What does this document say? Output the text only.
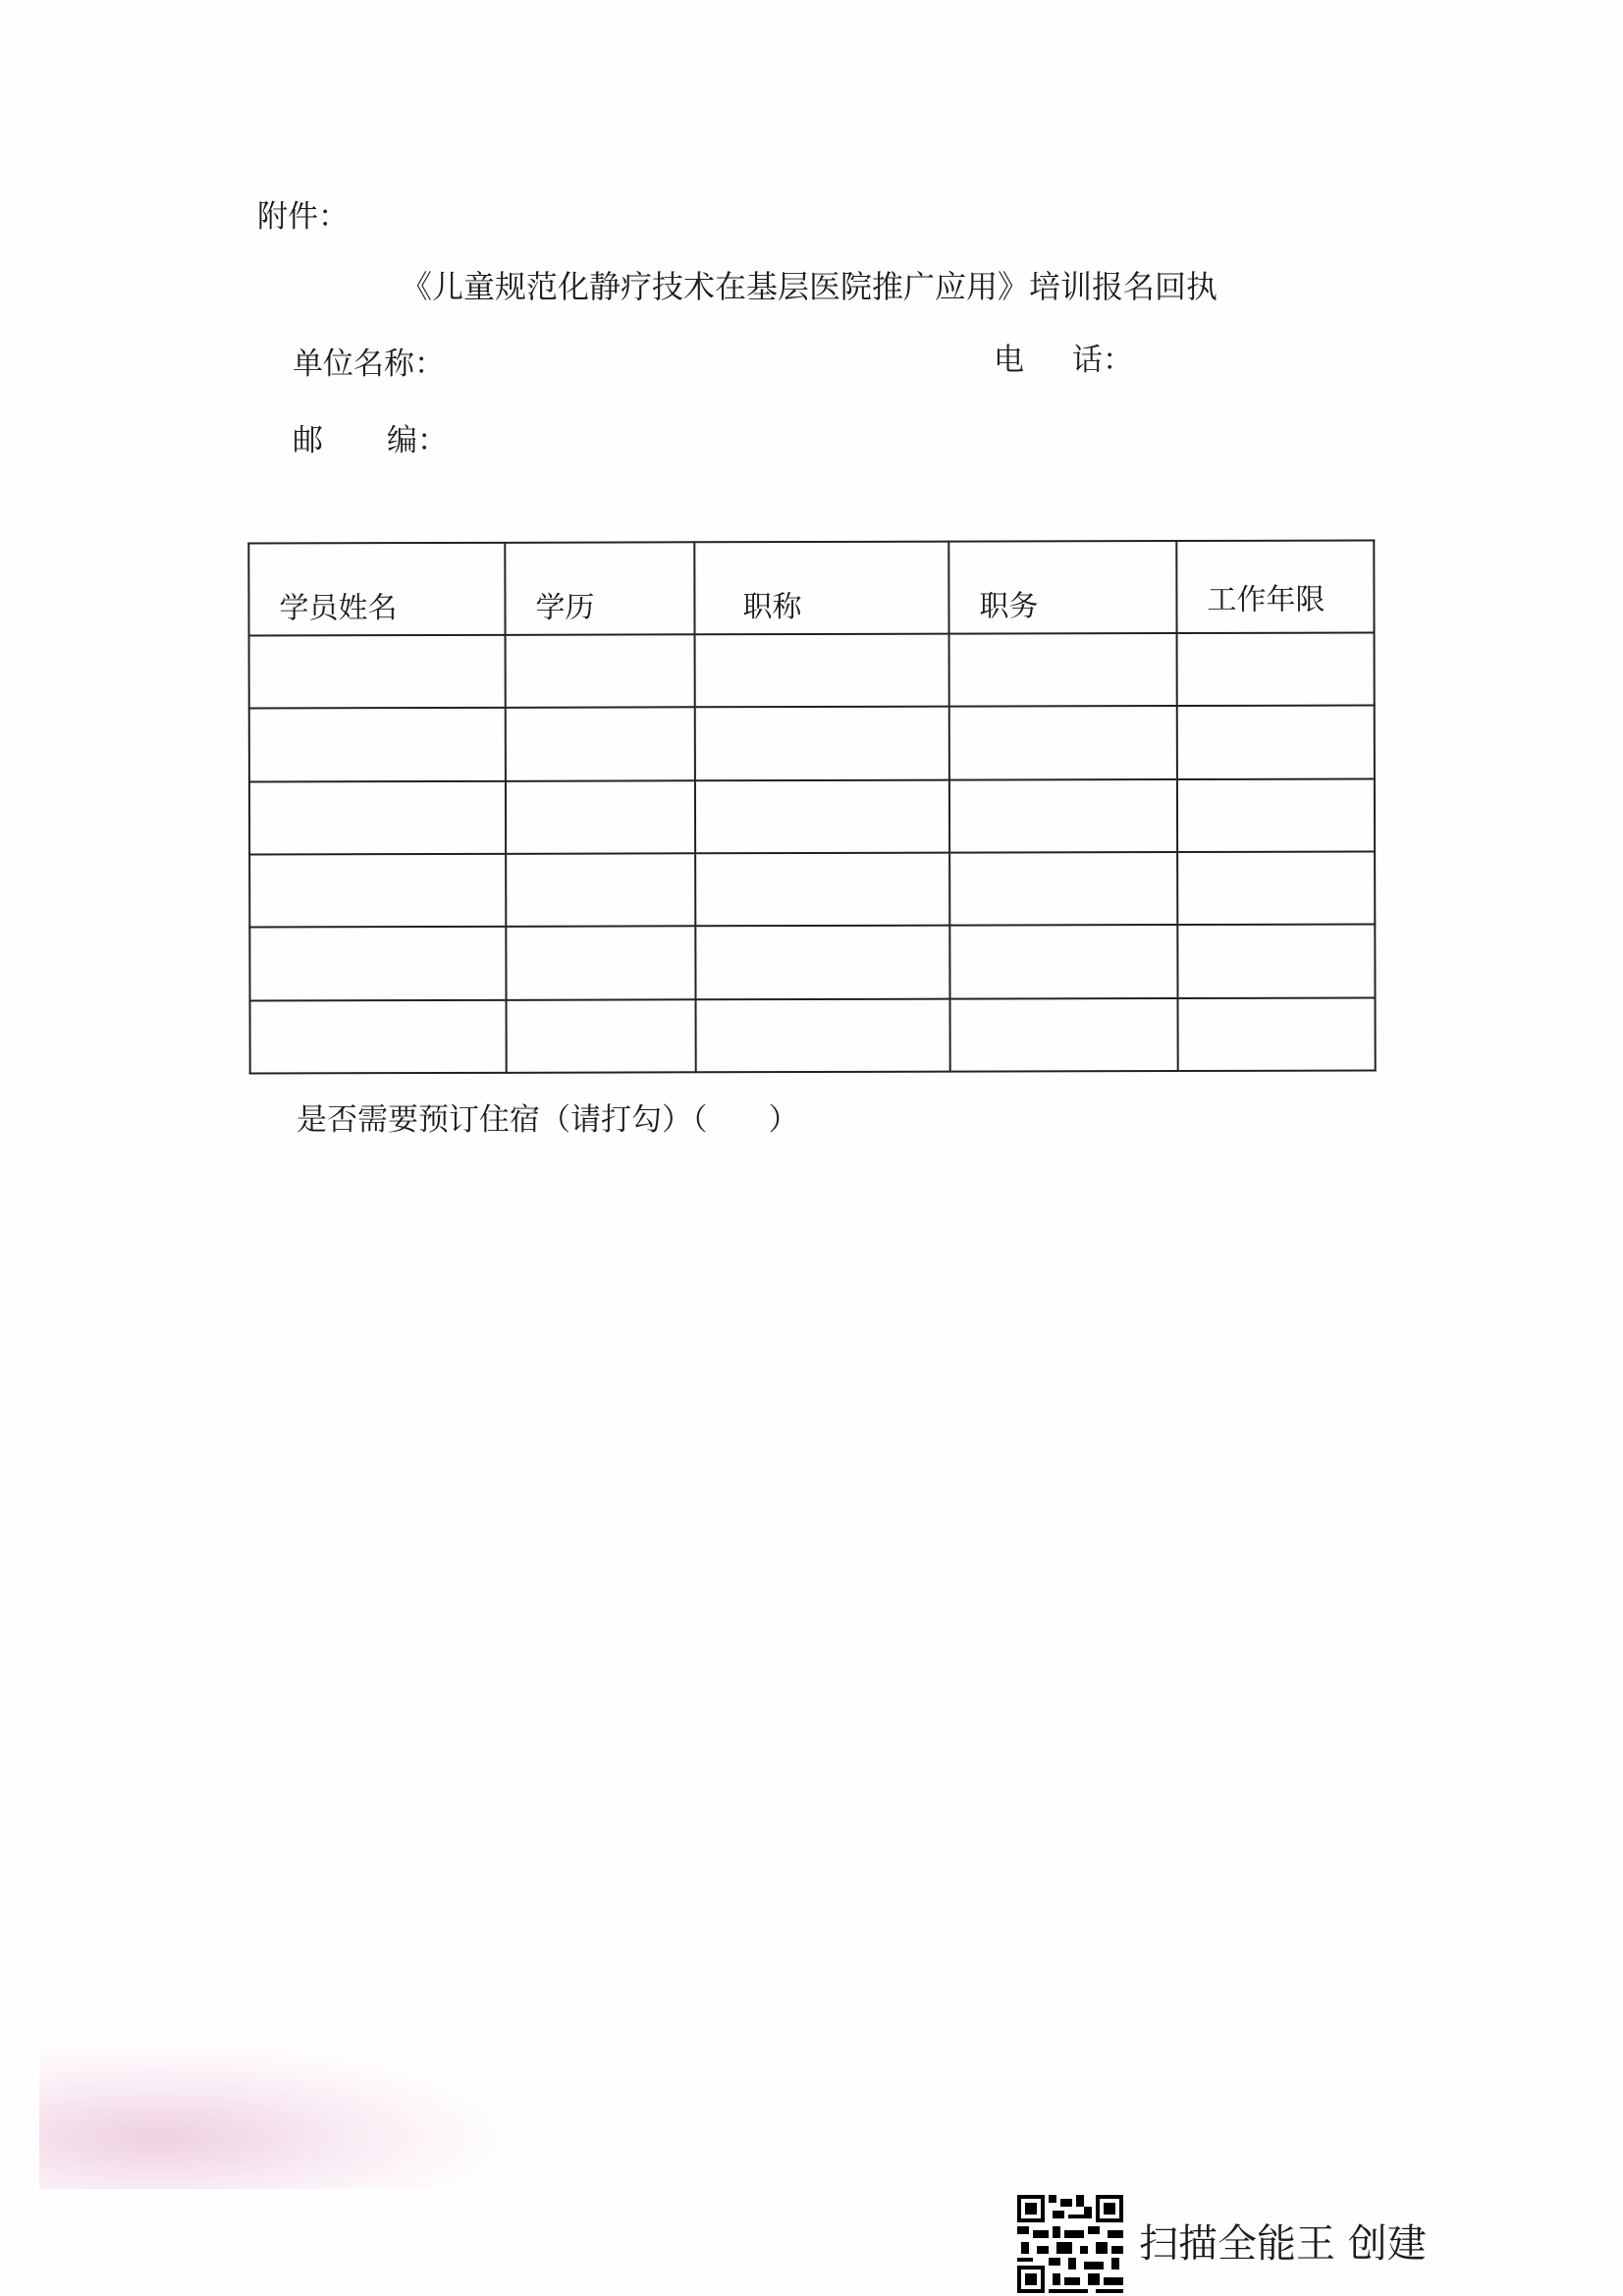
附件：
《儿童规范化静疗技术在基层医院推广应用》培训报名回执
单位名称：	电 话：
邮 编：
学员姓名	学历	职称	职务	工作年限

是否需要预订住宿（请打勾）（　　）
扫描全能王 创建
